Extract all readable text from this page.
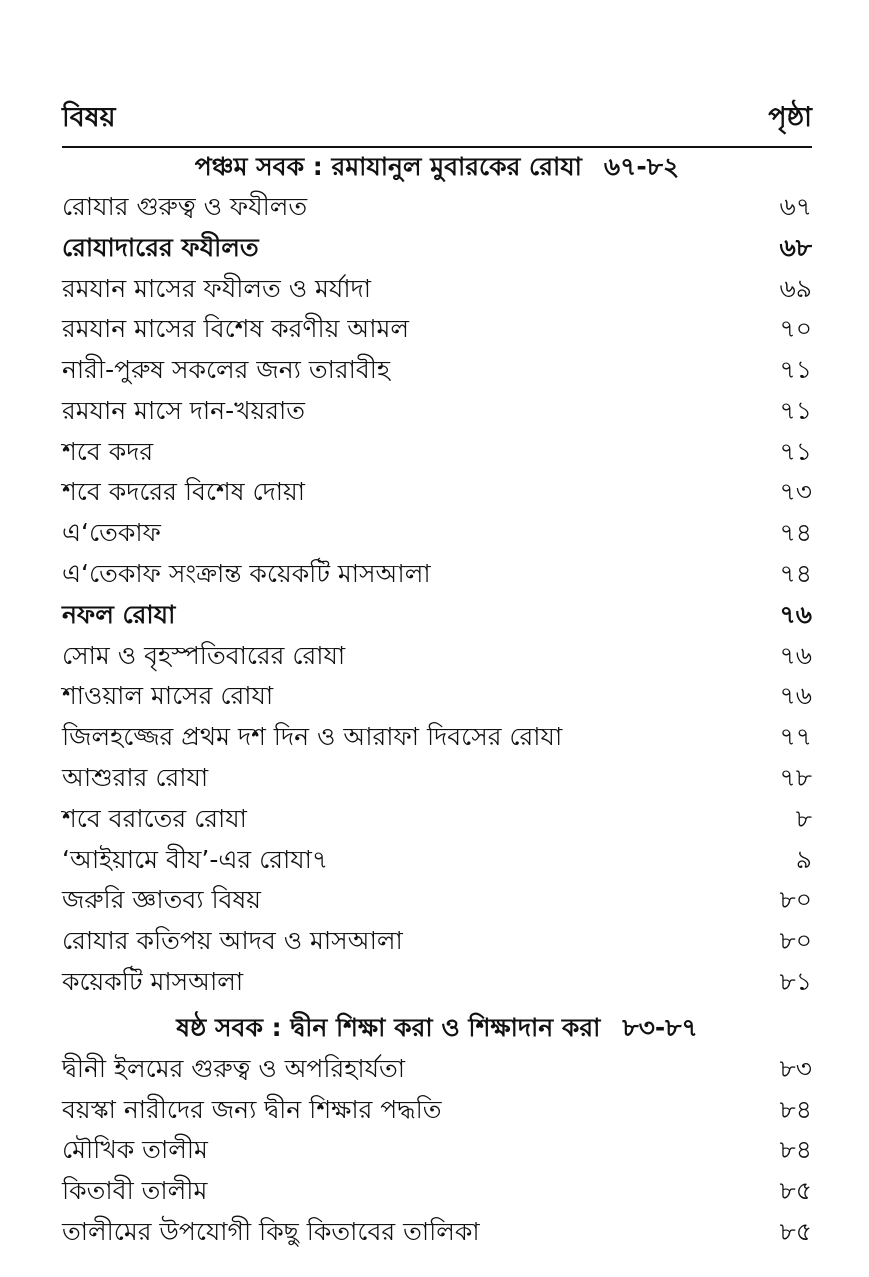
বিষয়	পৃষ্ঠা
পঞ্চম সবক : রমাযানুল মুবারকের রোযা ৬৭-৮২
রোযার গুরুত্ব ও ফযীলত	৬৭
রোযাদারের ফযীলত	৬৮
রমযান মাসের ফযীলত ও মর্যাদা	৬৯
রমযান মাসের বিশেষ করণীয় আমল	৭০
নারী-পুরুষ সকলের জন্য তারাবীহ	৭১
রমযান মাসে দান-খয়রাত	৭১
শবে কদর	৭১
শবে কদরের বিশেষ দোয়া	৭৩
এ‘তেকাফ	৭৪
এ‘তেকাফ সংক্রান্ত কয়েকটি মাসআলা	৭৪
নফল রোযা	৭৬
সোম ও বৃহস্পতিবারের রোযা	৭৬
শাওয়াল মাসের রোযা	৭৬
জিলহজ্জের প্রথম দশ দিন ও আরাফা দিবসের রোযা	৭৭
আশুরার রোযা	৭৮
শবে বরাতের রোযা	৮
‘আইয়ামে বীয’-এর রোযা৭	৯
জরুরি জ্ঞাতব্য বিষয়	৮০
রোযার কতিপয় আদব ও মাসআলা	৮০
কয়েকটি মাসআলা	৮১
ষষ্ঠ সবক : দ্বীন শিক্ষা করা ও শিক্ষাদান করা ৮৩-৮৭
দ্বীনী ইলমের গুরুত্ব ও অপরিহার্যতা	৮৩
বয়স্কা নারীদের জন্য দ্বীন শিক্ষার পদ্ধতি	৮৪
মৌখিক তালীম	৮৪
কিতাবী তালীম	৮৫
তালীমের উপযোগী কিছু কিতাবের তালিকা	৮৫
